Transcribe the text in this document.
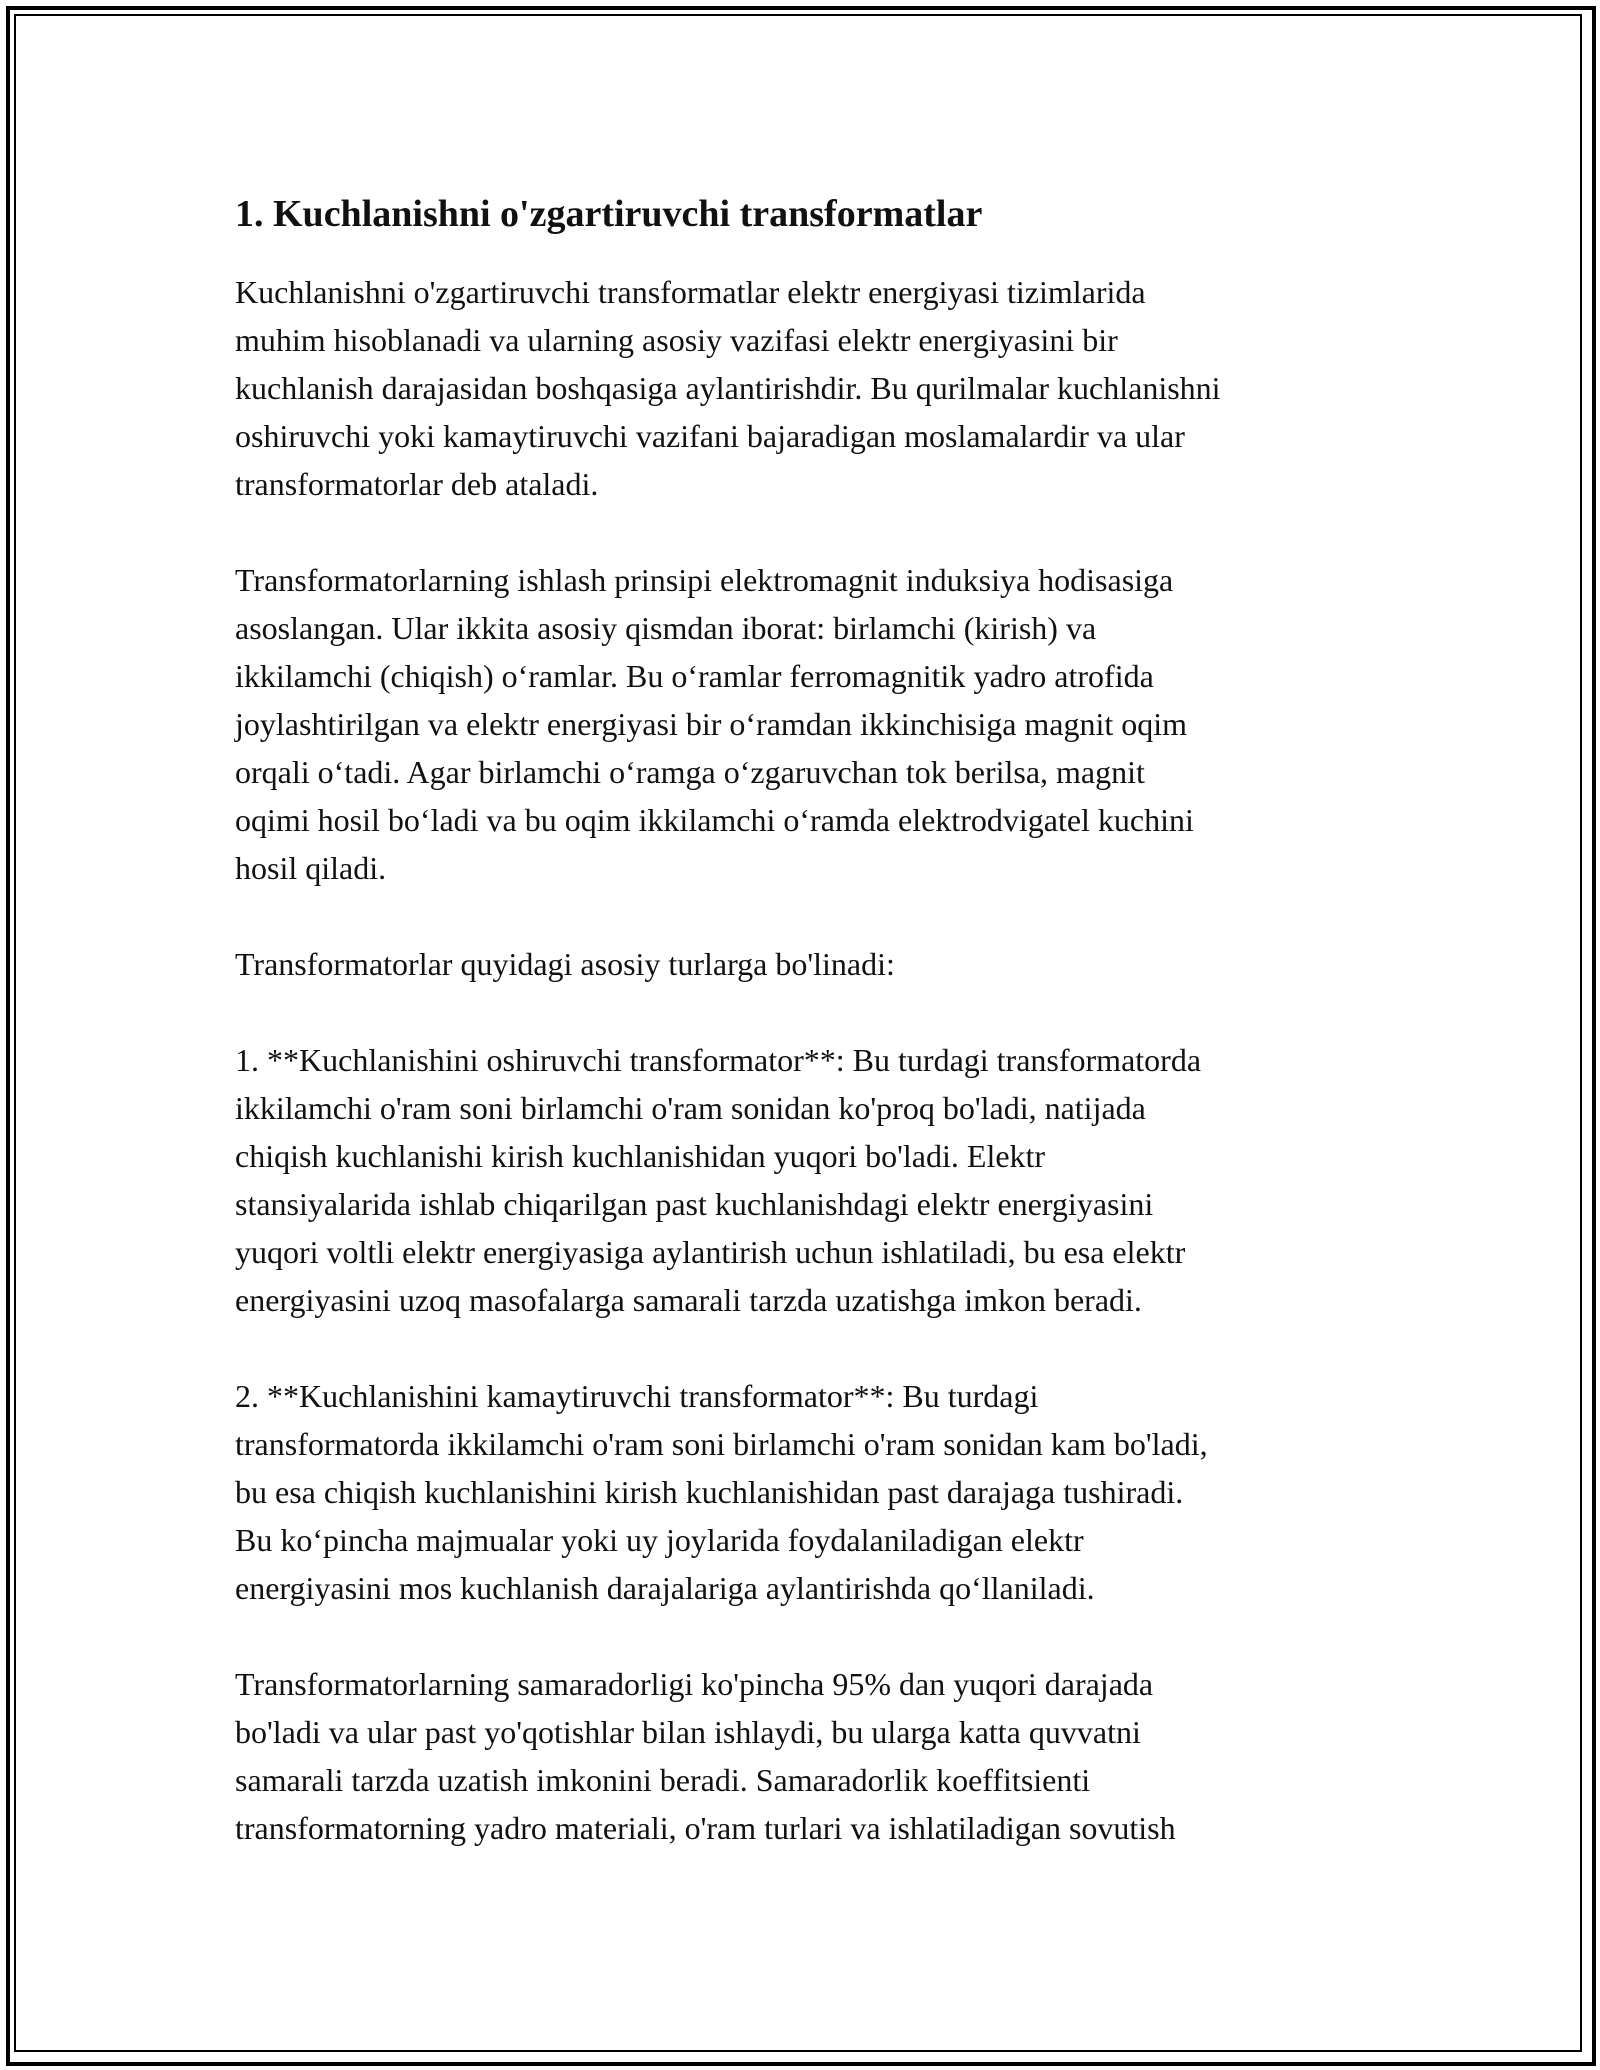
1. Kuchlanishni o'zgartiruvchi transformatlar

Kuchlanishni o'zgartiruvchi transformatlar elektr energiyasi tizimlarida
muhim hisoblanadi va ularning asosiy vazifasi elektr energiyasini bir
kuchlanish darajasidan boshqasiga aylantirishdir. Bu qurilmalar kuchlanishni
oshiruvchi yoki kamaytiruvchi vazifani bajaradigan moslamalardir va ular
transformatorlar deb ataladi.

Transformatorlarning ishlash prinsipi elektromagnit induksiya hodisasiga
asoslangan. Ular ikkita asosiy qismdan iborat: birlamchi (kirish) va
ikkilamchi (chiqish) o‘ramlar. Bu o‘ramlar ferromagnitik yadro atrofida
joylashtirilgan va elektr energiyasi bir o‘ramdan ikkinchisiga magnit oqim
orqali o‘tadi. Agar birlamchi o‘ramga o‘zgaruvchan tok berilsa, magnit
oqimi hosil bo‘ladi va bu oqim ikkilamchi o‘ramda elektrodvigatel kuchini
hosil qiladi.

Transformatorlar quyidagi asosiy turlarga bo'linadi:

1. **Kuchlanishini oshiruvchi transformator**: Bu turdagi transformatorda
ikkilamchi o'ram soni birlamchi o'ram sonidan ko'proq bo'ladi, natijada
chiqish kuchlanishi kirish kuchlanishidan yuqori bo'ladi. Elektr
stansiyalarida ishlab chiqarilgan past kuchlanishdagi elektr energiyasini
yuqori voltli elektr energiyasiga aylantirish uchun ishlatiladi, bu esa elektr
energiyasini uzoq masofalarga samarali tarzda uzatishga imkon beradi.

2. **Kuchlanishini kamaytiruvchi transformator**: Bu turdagi
transformatorda ikkilamchi o'ram soni birlamchi o'ram sonidan kam bo'ladi,
bu esa chiqish kuchlanishini kirish kuchlanishidan past darajaga tushiradi.
Bu ko‘pincha majmualar yoki uy joylarida foydalaniladigan elektr
energiyasini mos kuchlanish darajalariga aylantirishda qo‘llaniladi.

Transformatorlarning samaradorligi ko'pincha 95% dan yuqori darajada
bo'ladi va ular past yo'qotishlar bilan ishlaydi, bu ularga katta quvvatni
samarali tarzda uzatish imkonini beradi. Samaradorlik koeffitsienti
transformatorning yadro materiali, o'ram turlari va ishlatiladigan sovutish
